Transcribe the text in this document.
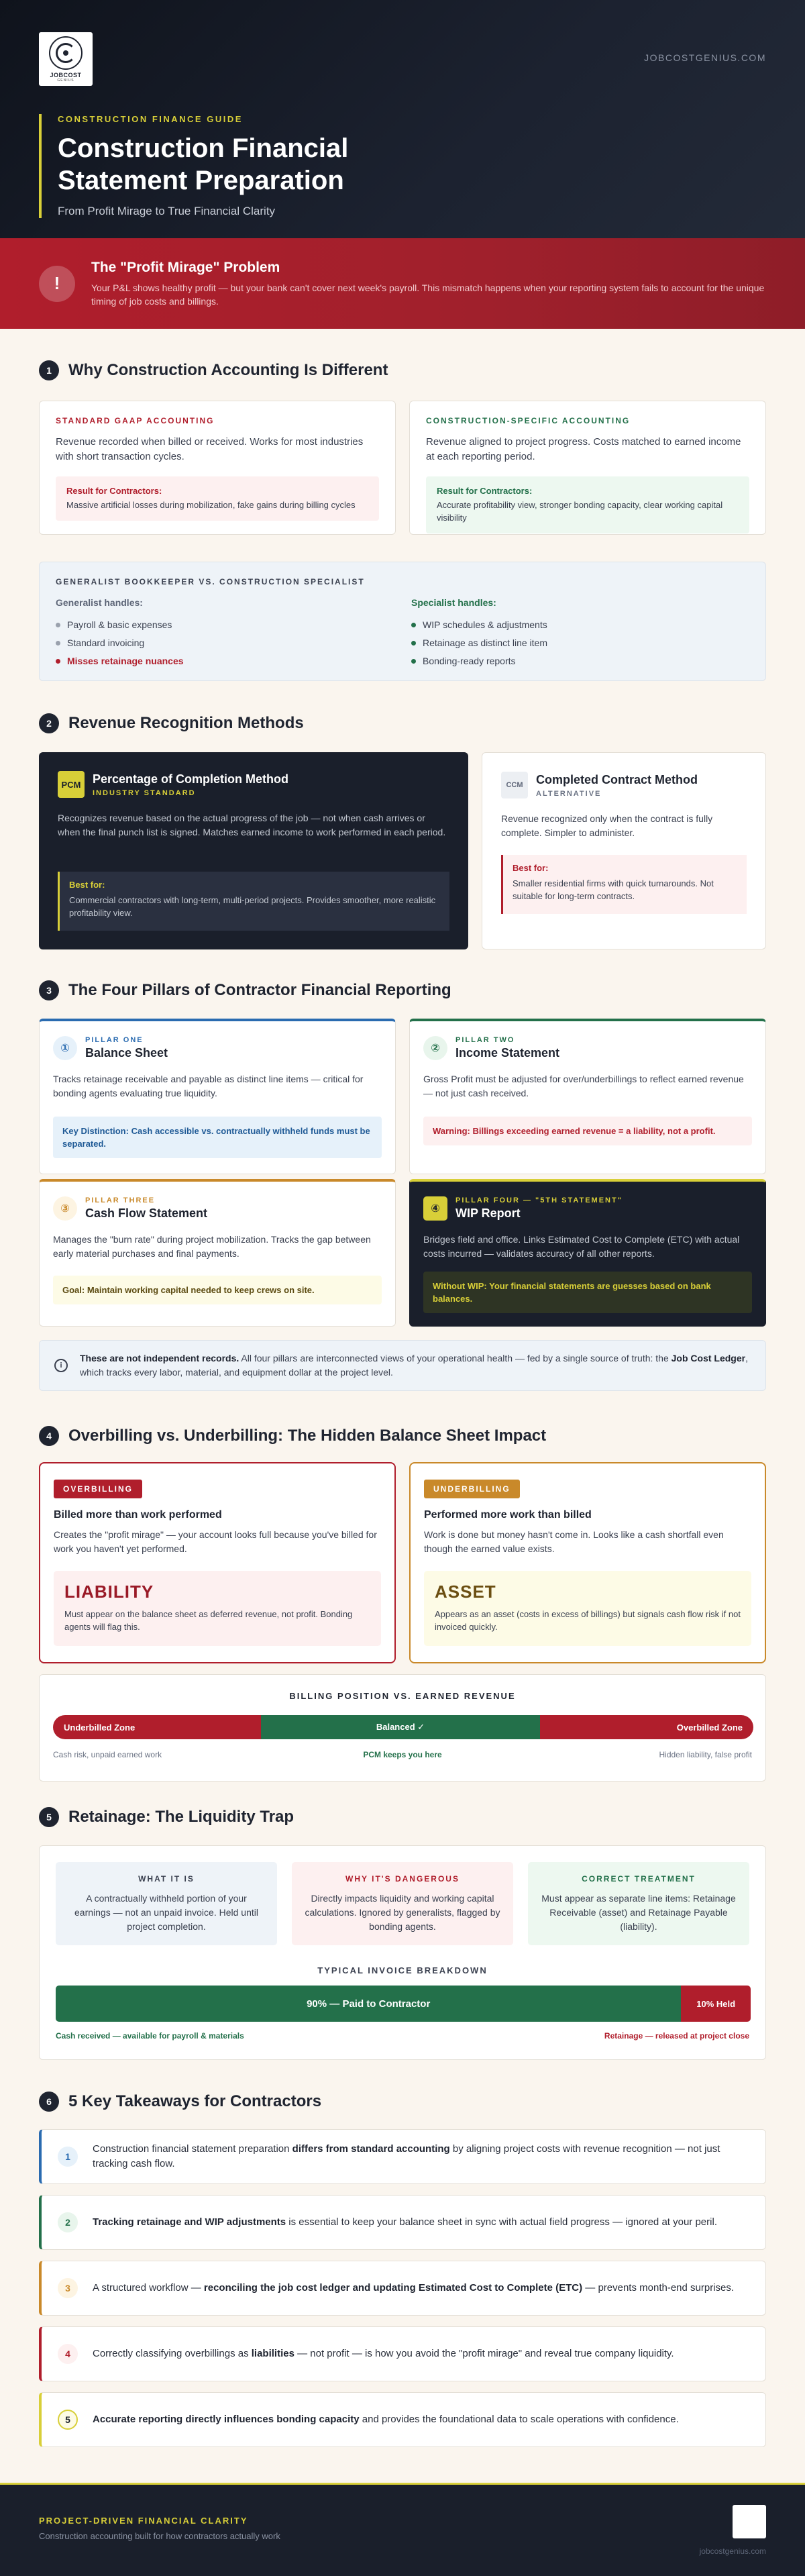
JOBCOST
GENIUS
JOBCOSTGENIUS.COM
CONSTRUCTION FINANCE GUIDE
Construction Financial Statement Preparation
From Profit Mirage to True Financial Clarity
!
The "Profit Mirage" Problem
Your P&L shows healthy profit — but your bank can't cover next week's payroll. This mismatch happens when your reporting system fails to account for the unique timing of job costs and billings.
1	Why Construction Accounting Is Different
STANDARD GAAP ACCOUNTING
Revenue recorded when billed or received. Works for most industries with short transaction cycles.
Result for Contractors:
Massive artificial losses during mobilization, fake gains during billing cycles
CONSTRUCTION-SPECIFIC ACCOUNTING
Revenue aligned to project progress. Costs matched to earned income at each reporting period.
Result for Contractors:
Accurate profitability view, stronger bonding capacity, clear working capital visibility
GENERALIST BOOKKEEPER VS. CONSTRUCTION SPECIALIST
Generalist handles:
Payroll & basic expenses
Standard invoicing
Misses retainage nuances
Specialist handles:
WIP schedules & adjustments
Retainage as distinct line item
Bonding-ready reports
2	Revenue Recognition Methods
PCM Percentage of Completion Method
INDUSTRY STANDARD
Recognizes revenue based on the actual progress of the job — not when cash arrives or when the final punch list is signed. Matches earned income to work performed in each period.
Best for:
Commercial contractors with long-term, multi-period projects. Provides smoother, more realistic profitability view.
CCM	Completed Contract Method
ALTERNATIVE
Revenue recognized only when the contract is fully complete. Simpler to administer.
Best for:
Smaller residential firms with quick turnarounds. Not suitable for long-term contracts.
3	The Four Pillars of Contractor Financial Reporting
①
PILLAR ONE
Balance Sheet
Tracks retainage receivable and payable as distinct line items — critical for bonding agents evaluating true liquidity.
Key Distinction: Cash accessible vs. contractually withheld funds must be separated.
②
PILLAR TWO
Income Statement
Gross Profit must be adjusted for over/underbillings to reflect earned revenue — not just cash received.
Warning: Billings exceeding earned revenue = a liability, not a profit.
③
PILLAR THREE
Cash Flow Statement
Manages the "burn rate" during project mobilization. Tracks the gap between early material purchases and final payments.
Goal: Maintain working capital needed to keep crews on site.
④
PILLAR FOUR — "5TH STATEMENT"
WIP Report
Bridges field and office. Links Estimated Cost to Complete (ETC) with actual costs incurred — validates accuracy of all other reports.
Without WIP: Your financial statements are guesses based on bank balances.
i
These are not independent records. All four pillars are interconnected views of your operational health — fed by a single source of truth: the Job Cost Ledger, which tracks every labor, material, and equipment dollar at the project level.
4	Overbilling vs. Underbilling: The Hidden Balance Sheet Impact
OVERBILLING
Billed more than work performed
Creates the "profit mirage" — your account looks full because you've billed for work you haven't yet performed.
LIABILITY
Must appear on the balance sheet as deferred revenue, not profit. Bonding agents will flag this.
UNDERBILLING
Performed more work than billed
Work is done but money hasn't come in. Looks like a cash shortfall even though the earned value exists.
ASSET
Appears as an asset (costs in excess of billings) but signals cash flow risk if not invoiced quickly.
BILLING POSITION VS. EARNED REVENUE
Underbilled Zone	Balanced ✓	Overbilled Zone
Cash risk, unpaid earned work	PCM keeps you here	Hidden liability, false profit
5	Retainage: The Liquidity Trap
WHAT IT IS
A contractually withheld portion of your earnings — not an unpaid invoice. Held until project completion.
WHY IT'S DANGEROUS
Directly impacts liquidity and working capital calculations. Ignored by generalists, flagged by bonding agents.
CORRECT TREATMENT
Must appear as separate line items: Retainage Receivable (asset) and Retainage Payable (liability).
TYPICAL INVOICE BREAKDOWN
90% — Paid to Contractor	10% Held
Cash received — available for payroll & materials	Retainage — released at project close
6	5 Key Takeaways for Contractors
1
Construction financial statement preparation differs from standard accounting by aligning project costs with revenue recognition — not just tracking cash flow.
2	Tracking retainage and WIP adjustments is essential to keep your balance sheet in sync with actual field progress — ignored at your peril.
3	A structured workflow — reconciling the job cost ledger and updating Estimated Cost to Complete (ETC) — prevents month-end surprises.
4	Correctly classifying overbillings as liabilities — not profit — is how you avoid the "profit mirage" and reveal true company liquidity.
5	Accurate reporting directly influences bonding capacity and provides the foundational data to scale operations with confidence.
PROJECT-DRIVEN FINANCIAL CLARITY
Construction accounting built for how contractors actually work
jobcostgenius.com
